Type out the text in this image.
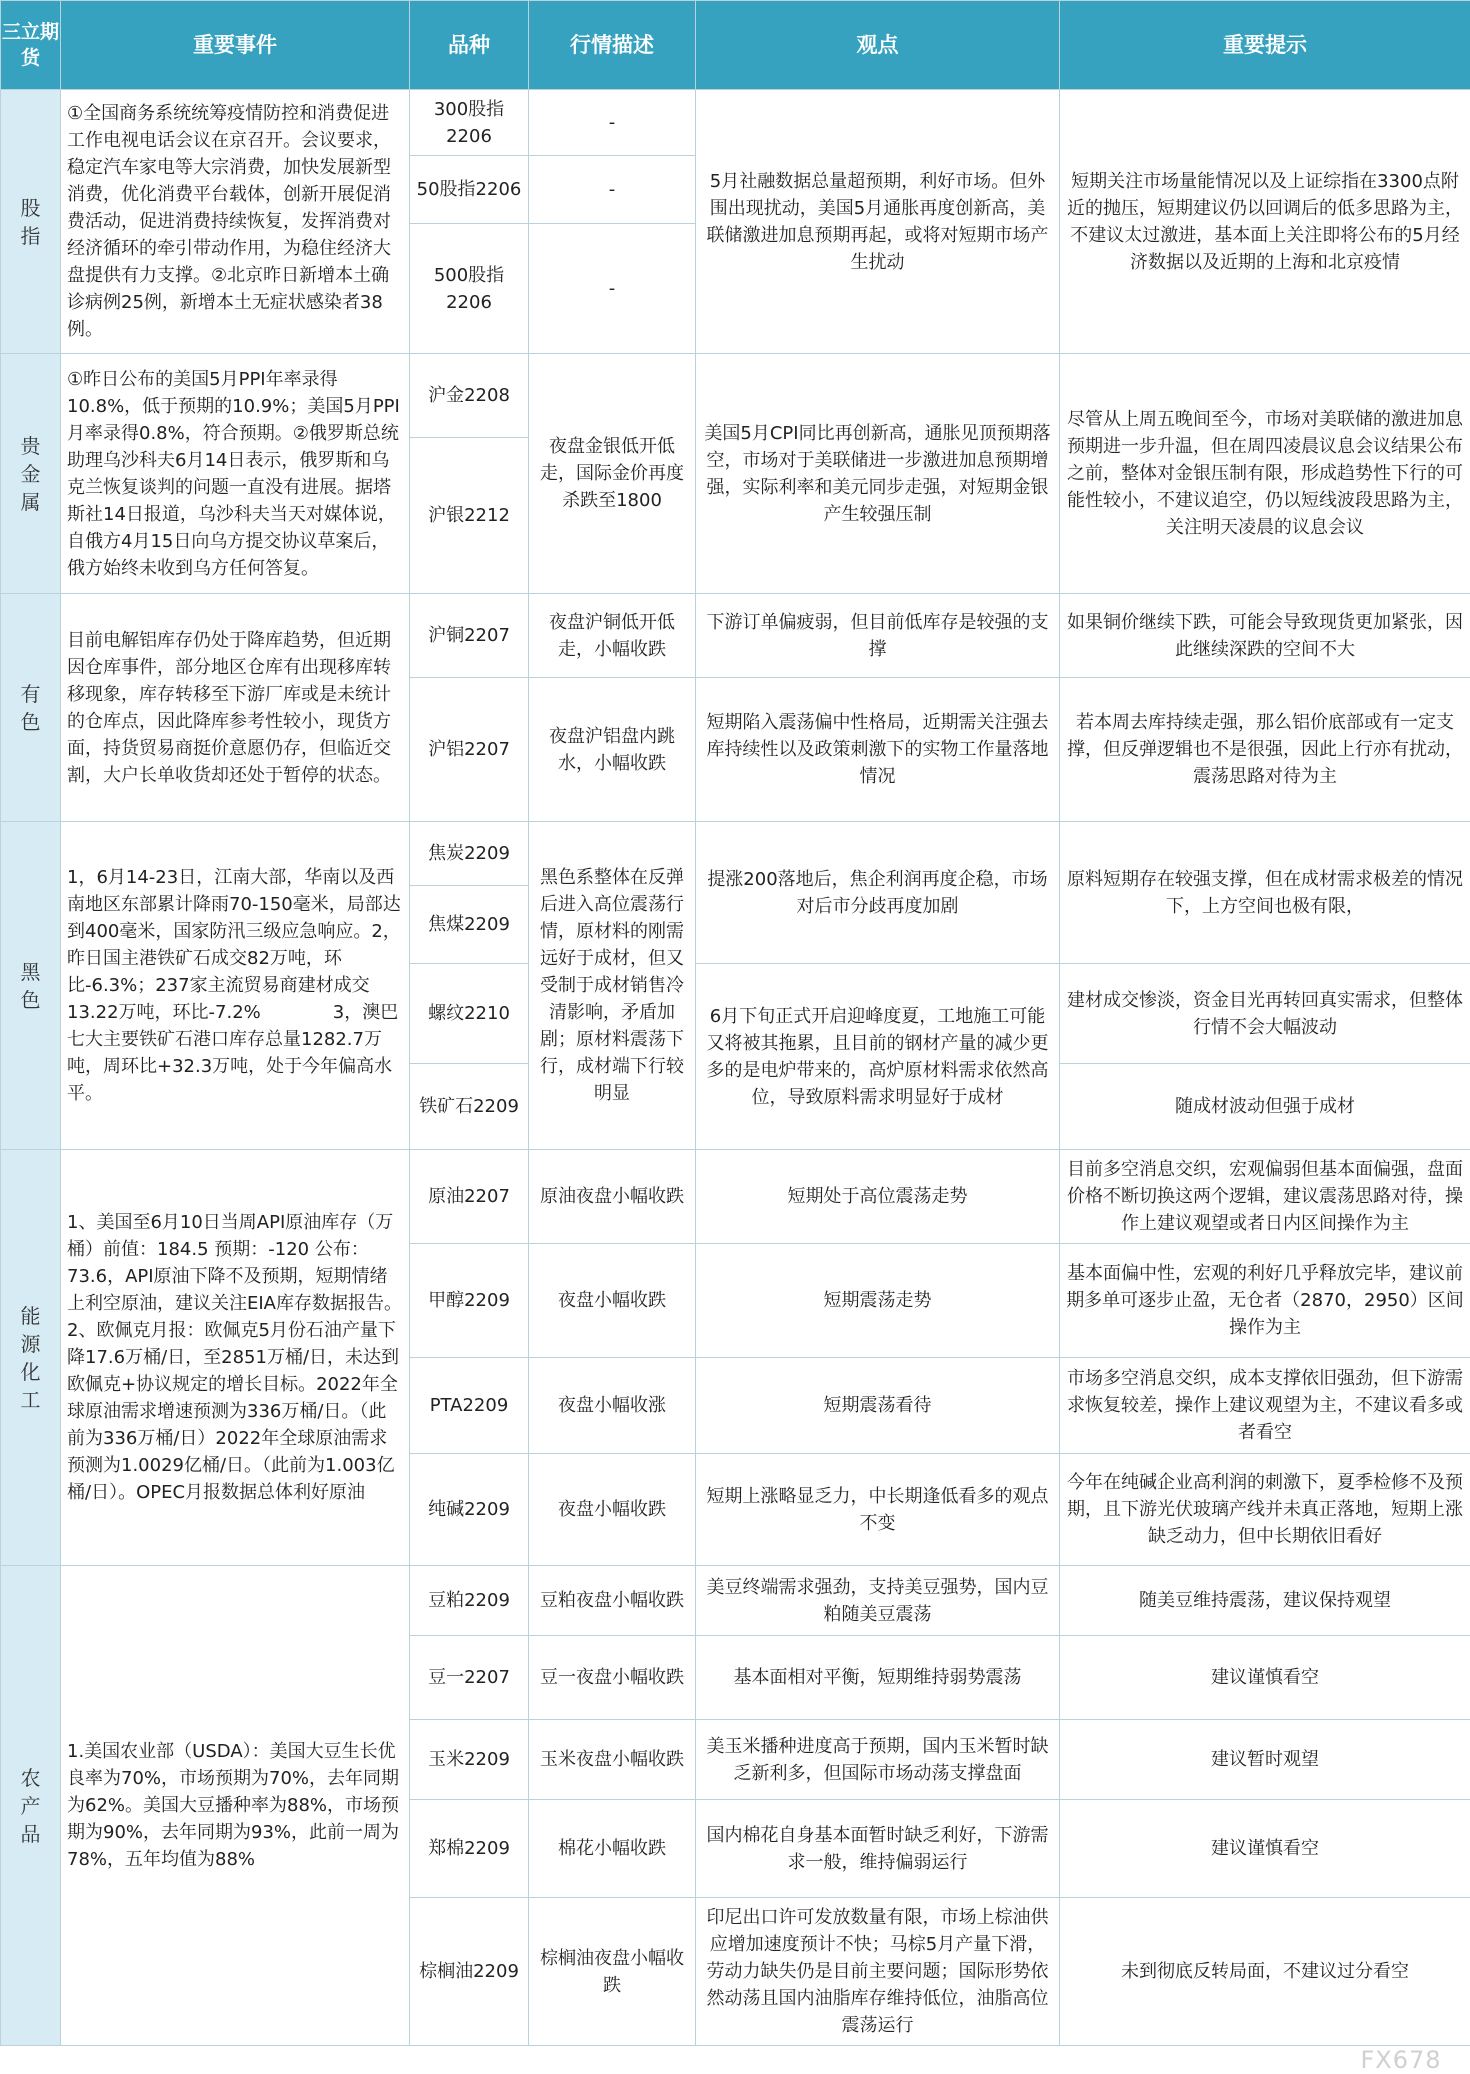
三立期货	重要事件	品种	行情描述	观点	重要提示
股指	①全国商务系统统筹疫情防控和消费促进工作电视电话会议在京召开。会议要求，稳定汽车家电等大宗消费，加快发展新型消费，优化消费平台载体，创新开展促消费活动，促进消费持续恢复，发挥消费对经济循环的牵引带动作用，为稳住经济大盘提供有力支撑。②北京昨日新增本土确诊病例25例，新增本土无症状感染者38例。	300股指2206	-	5月社融数据总量超预期，利好市场。但外围出现扰动，美国5月通胀再度创新高，美联储激进加息预期再起，或将对短期市场产生扰动	短期关注市场量能情况以及上证综指在3300点附近的抛压，短期建议仍以回调后的低多思路为主，不建议太过激进，基本面上关注即将公布的5月经济数据以及近期的上海和北京疫情
		50股指2206	-		
		500股指2206	-		
贵金属	①昨日公布的美国5月PPI年率录得10.8%，低于预期的10.9%；美国5月PPI月率录得0.8%，符合预期。②俄罗斯总统助理乌沙科夫6月14日表示，俄罗斯和乌克兰恢复谈判的问题一直没有进展。据塔斯社14日报道，乌沙科夫当天对媒体说，自俄方4月15日向乌方提交协议草案后，俄方始终未收到乌方任何答复。	沪金2208	夜盘金银低开低走，国际金价再度杀跌至1800	美国5月CPI同比再创新高，通胀见顶预期落空，市场对于美联储进一步激进加息预期增强，实际利率和美元同步走强，对短期金银产生较强压制	尽管从上周五晚间至今，市场对美联储的激进加息预期进一步升温，但在周四凌晨议息会议结果公布之前，整体对金银压制有限，形成趋势性下行的可能性较小，不建议追空，仍以短线波段思路为主，关注明天凌晨的议息会议
		沪银2212			
有色	目前电解铝库存仍处于降库趋势，但近期因仓库事件，部分地区仓库有出现移库转移现象，库存转移至下游厂库或是未统计的仓库点，因此降库参考性较小，现货方面，持货贸易商挺价意愿仍存，但临近交割，大户长单收货却还处于暂停的状态。	沪铜2207	夜盘沪铜低开低走，小幅收跌	下游订单偏疲弱，但目前低库存是较强的支撑	如果铜价继续下跌，可能会导致现货更加紧张，因此继续深跌的空间不大
		沪铝2207	夜盘沪铝盘内跳水，小幅收跌	短期陷入震荡偏中性格局，近期需关注强去库持续性以及政策刺激下的实物工作量落地情况	若本周去库持续走强，那么铝价底部或有一定支撑，但反弹逻辑也不是很强，因此上行亦有扰动，震荡思路对待为主
黑色	1，6月14-23日，江南大部，华南以及西南地区东部累计降雨70-150毫米，局部达到400毫米，国家防汛三级应急响应。2，昨日国主港铁矿石成交82万吨，环比-6.3%；237家主流贸易商建材成交13.22万吨，环比-7.2%　　　　3，澳巴七大主要铁矿石港口库存总量1282.7万吨，周环比+32.3万吨，处于今年偏高水平。	焦炭2209	黑色系整体在反弹后进入高位震荡行情，原材料的刚需远好于成材，但又受制于成材销售冷清影响，矛盾加剧；原材料震荡下行，成材端下行较明显	提涨200落地后，焦企利润再度企稳，市场对后市分歧再度加剧	原料短期存在较强支撑，但在成材需求极差的情况下，上方空间也极有限，
		焦煤2209			
		螺纹2210		6月下旬正式开启迎峰度夏，工地施工可能又将被其拖累，且目前的钢材产量的减少更多的是电炉带来的，高炉原材料需求依然高位，导致原料需求明显好于成材	建材成交惨淡，资金目光再转回真实需求，但整体行情不会大幅波动
		铁矿石2209			随成材波动但强于成材
能源化工	1、美国至6月10日当周API原油库存（万桶）前值：184.5 预期：-120 公布：73.6，API原油下降不及预期，短期情绪上利空原油，建议关注EIA库存数据报告。2、欧佩克月报：欧佩克5月份石油产量下降17.6万桶/日，至2851万桶/日，未达到欧佩克+协议规定的增长目标。2022年全球原油需求增速预测为336万桶/日。（此前为336万桶/日）2022年全球原油需求预测为1.0029亿桶/日。（此前为1.003亿桶/日）。OPEC月报数据总体利好原油	原油2207	原油夜盘小幅收跌	短期处于高位震荡走势	目前多空消息交织，宏观偏弱但基本面偏强，盘面价格不断切换这两个逻辑，建议震荡思路对待，操作上建议观望或者日内区间操作为主
		甲醇2209	夜盘小幅收跌	短期震荡走势	基本面偏中性，宏观的利好几乎释放完毕，建议前期多单可逐步止盈，无仓者（2870，2950）区间操作为主
		PTA2209	夜盘小幅收涨	短期震荡看待	市场多空消息交织，成本支撑依旧强劲，但下游需求恢复较差，操作上建议观望为主，不建议看多或者看空
		纯碱2209	夜盘小幅收跌	短期上涨略显乏力，中长期逢低看多的观点不变	今年在纯碱企业高利润的刺激下，夏季检修不及预期，且下游光伏玻璃产线并未真正落地，短期上涨缺乏动力，但中长期依旧看好
农产品	1.美国农业部（USDA）：美国大豆生长优良率为70%，市场预期为70%，去年同期为62%。美国大豆播种率为88%，市场预期为90%，去年同期为93%，此前一周为78%，五年均值为88%	豆粕2209	豆粕夜盘小幅收跌	美豆终端需求强劲，支持美豆强势，国内豆粕随美豆震荡	随美豆维持震荡，建议保持观望
		豆一2207	豆一夜盘小幅收跌	基本面相对平衡，短期维持弱势震荡	建议谨慎看空
		玉米2209	玉米夜盘小幅收跌	美玉米播种进度高于预期，国内玉米暂时缺乏新利多，但国际市场动荡支撑盘面	建议暂时观望
		郑棉2209	棉花小幅收跌	国内棉花自身基本面暂时缺乏利好，下游需求一般，维持偏弱运行	建议谨慎看空
		棕榈油2209	棕榈油夜盘小幅收跌	印尼出口许可发放数量有限，市场上棕油供应增加速度预计不快；马棕5月产量下滑，劳动力缺失仍是目前主要问题；国际形势依然动荡且国内油脂库存维持低位，油脂高位震荡运行	未到彻底反转局面，不建议过分看空
FX678
